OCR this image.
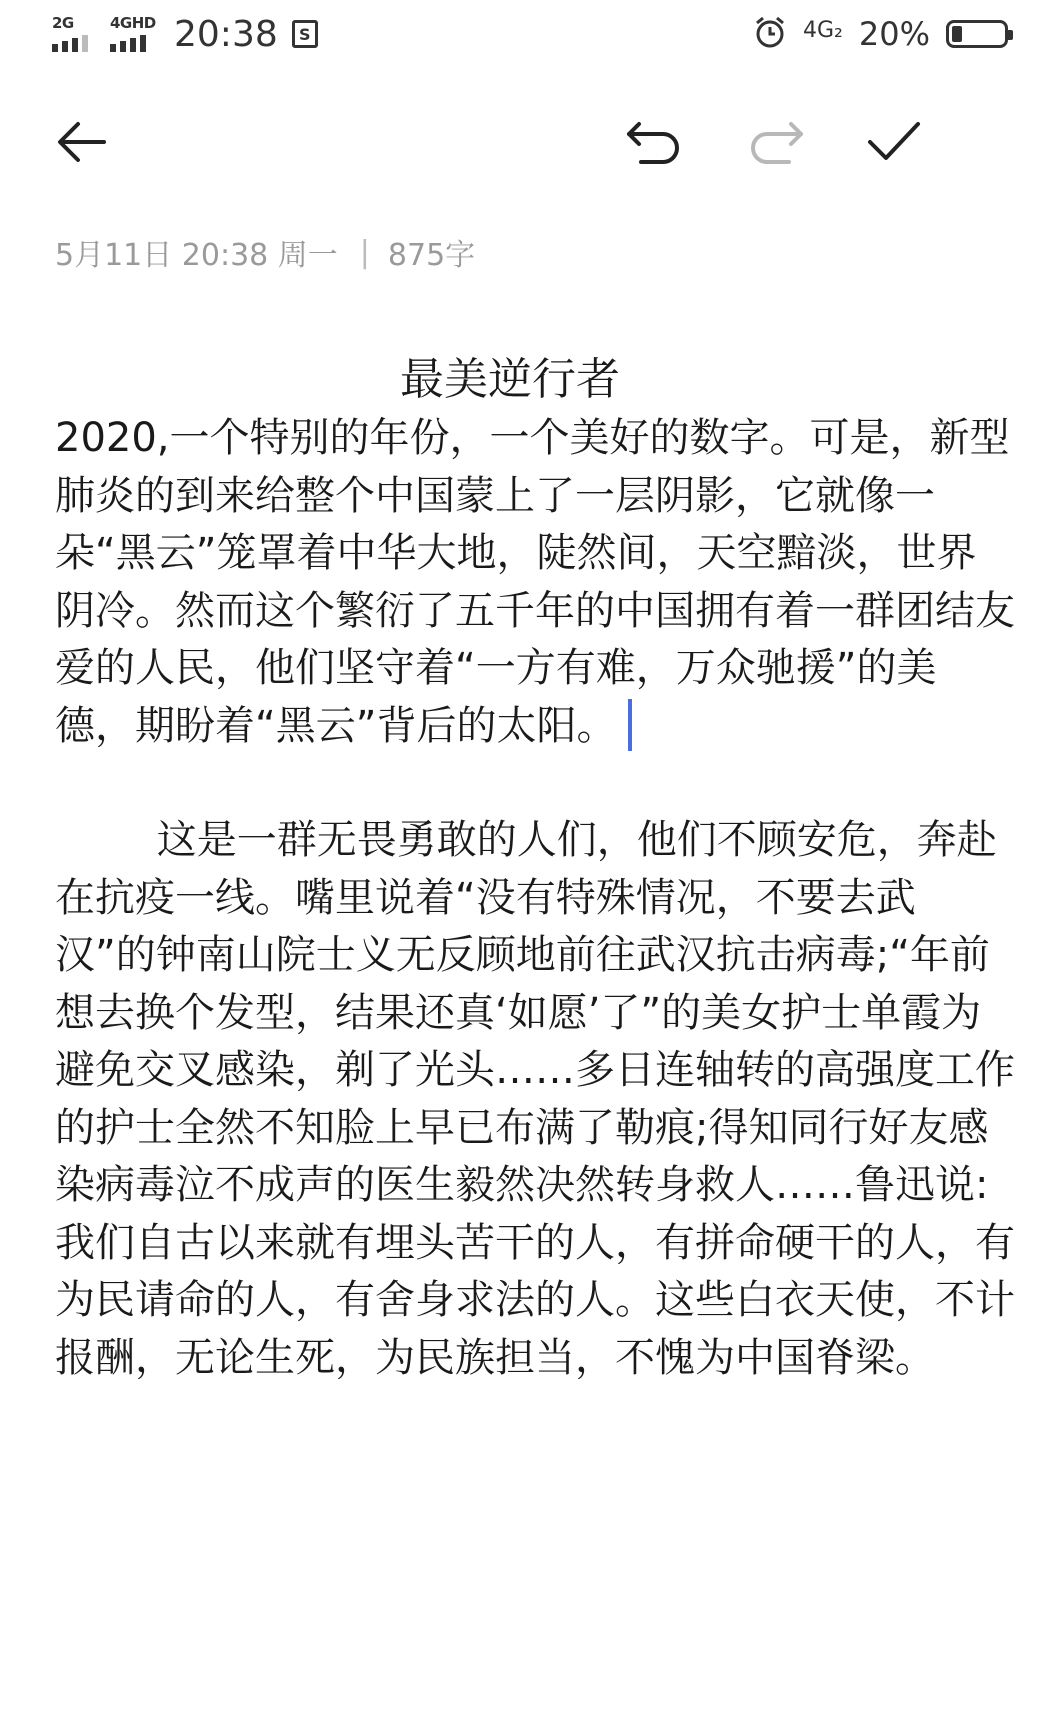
2G 4GHD 20:38	S	4G₂ 20%
5月11日 20:38 周一 | 875字
最美逆行者

2020,一个特别的年份，一个美好的数字。可是，新型肺炎的到来给整个中国蒙上了一层阴影，它就像一朵“黑云”笼罩着中华大地，陡然间，天空黯淡，世界阴冷。然而这个繁衍了五千年的中国拥有着一群团结友爱的人民，他们坚守着“一方有难，万众驰援”的美德，期盼着“黑云”背后的太阳。

这是一群无畏勇敢的人们，他们不顾安危，奔赴在抗疫一线。嘴里说着“没有特殊情况，不要去武汉”的钟南山院士义无反顾地前往武汉抗击病毒;“年前想去换个发型，结果还真‘如愿’了”的美女护士单霞为避免交叉感染，剃了光头……多日连轴转的高强度工作的护士全然不知脸上早已布满了勒痕;得知同行好友感染病毒泣不成声的医生毅然决然转身救人……鲁迅说:我们自古以来就有埋头苦干的人，有拼命硬干的人，有为民请命的人，有舍身求法的人。这些白衣天使，不计报酬，无论生死，为民族担当，不愧为中国脊梁。
